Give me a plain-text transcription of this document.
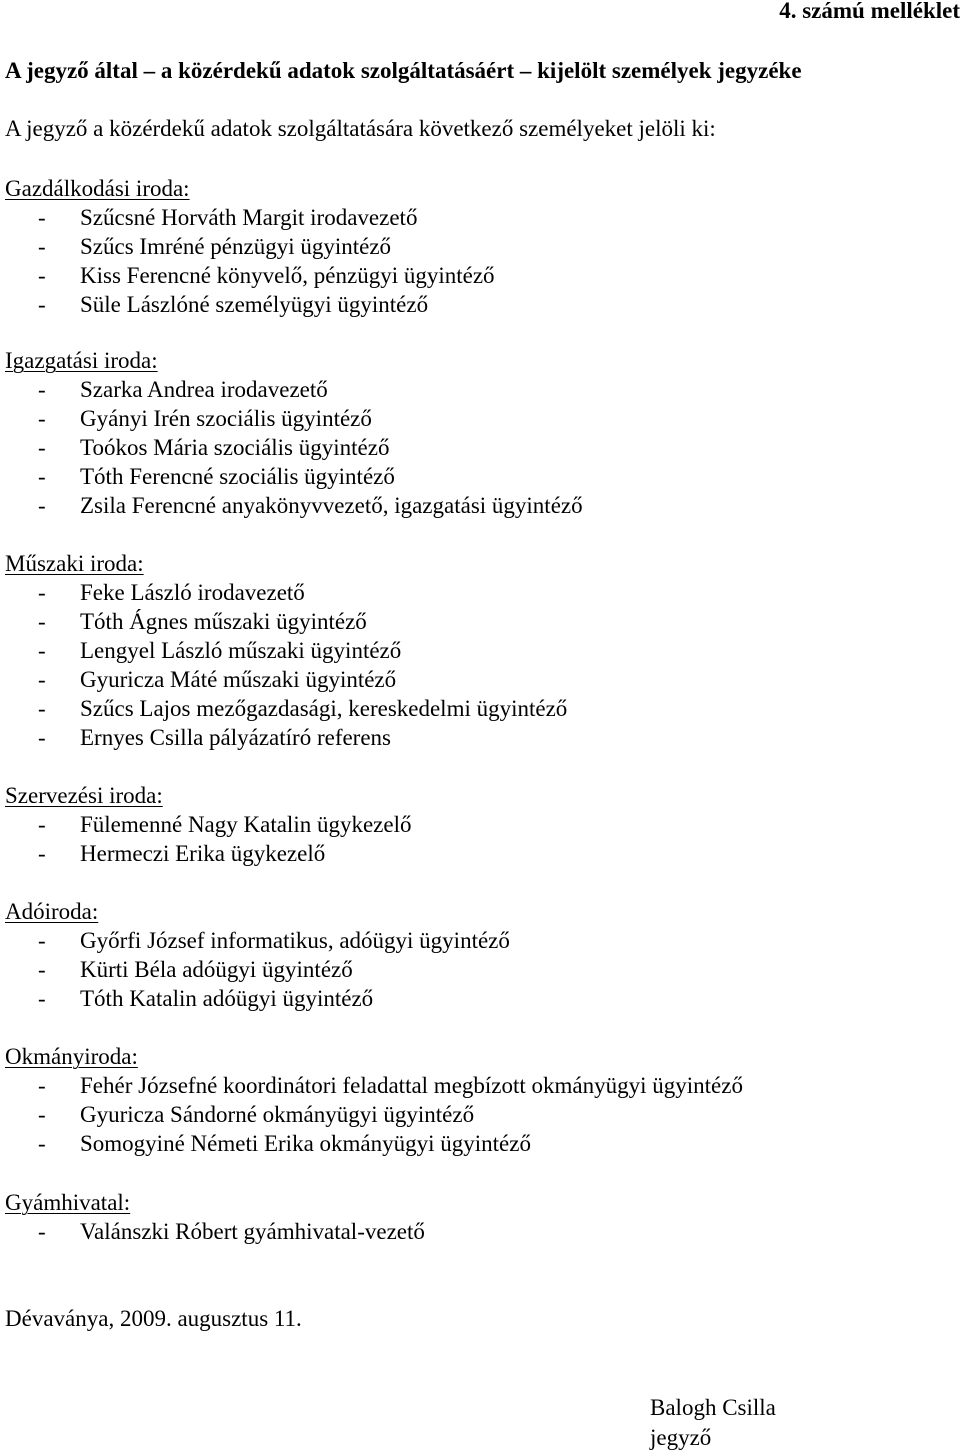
4. számú melléklet
A jegyző által – a közérdekű adatok szolgáltatásáért – kijelölt személyek jegyzéke
A jegyző a közérdekű adatok szolgáltatására következő személyeket jelöli ki:
Gazdálkodási iroda:
-	Szűcsné Horváth Margit irodavezető
-	Szűcs Imréné pénzügyi ügyintéző
-	Kiss Ferencné könyvelő, pénzügyi ügyintéző
-	Süle Lászlóné személyügyi ügyintéző
Igazgatási iroda:
-	Szarka Andrea irodavezető
-	Gyányi Irén szociális ügyintéző
-	Toókos Mária szociális ügyintéző
-	Tóth Ferencné szociális ügyintéző
-	Zsila Ferencné anyakönyvvezető, igazgatási ügyintéző
Műszaki iroda:
-	Feke László irodavezető
-	Tóth Ágnes műszaki ügyintéző
-	Lengyel László műszaki ügyintéző
-	Gyuricza Máté műszaki ügyintéző
-	Szűcs Lajos mezőgazdasági, kereskedelmi ügyintéző
-	Ernyes Csilla pályázatíró referens
Szervezési iroda:
-	Fülemenné Nagy Katalin ügykezelő
-	Hermeczi Erika ügykezelő
Adóiroda:
-	Győrfi József informatikus, adóügyi ügyintéző
-	Kürti Béla adóügyi ügyintéző
-	Tóth Katalin adóügyi ügyintéző
Okmányiroda:
-	Fehér Józsefné koordinátori feladattal megbízott okmányügyi ügyintéző
-	Gyuricza Sándorné okmányügyi ügyintéző
-	Somogyiné Németi Erika okmányügyi ügyintéző
Gyámhivatal:
-	Valánszki Róbert gyámhivatal-vezető
Dévaványa, 2009. augusztus 11.
Balogh Csilla
jegyző
